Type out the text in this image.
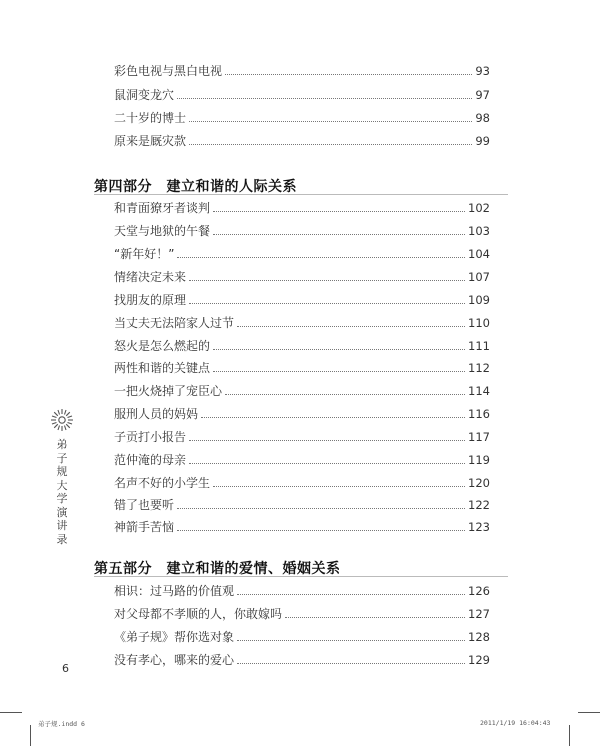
彩色电视与黑白电视	93
鼠洞变龙穴	97
二十岁的博士	98
原来是厩灾款	99
第四部分　建立和谐的人际关系
和青面獠牙者谈判	102
天堂与地狱的午餐	103
“新年好！”	104
情绪决定未来	107
找朋友的原理	109
当丈夫无法陪家人过节	110
怒火是怎么燃起的	111
两性和谐的关键点	112
一把火烧掉了宠臣心	114
服刑人员的妈妈	116
子贡打小报告	117
范仲淹的母亲	119
名声不好的小学生	120
错了也要听	122
神箭手苦恼	123
第五部分　建立和谐的爱情、婚姻关系
相识：过马路的价值观	126
对父母都不孝顺的人，你敢嫁吗	127
《弟子规》帮你选对象	128
没有孝心，哪来的爱心	129
弟子规大学演讲录
6
弟子规.indd 6	2011/1/19 16:04:43
